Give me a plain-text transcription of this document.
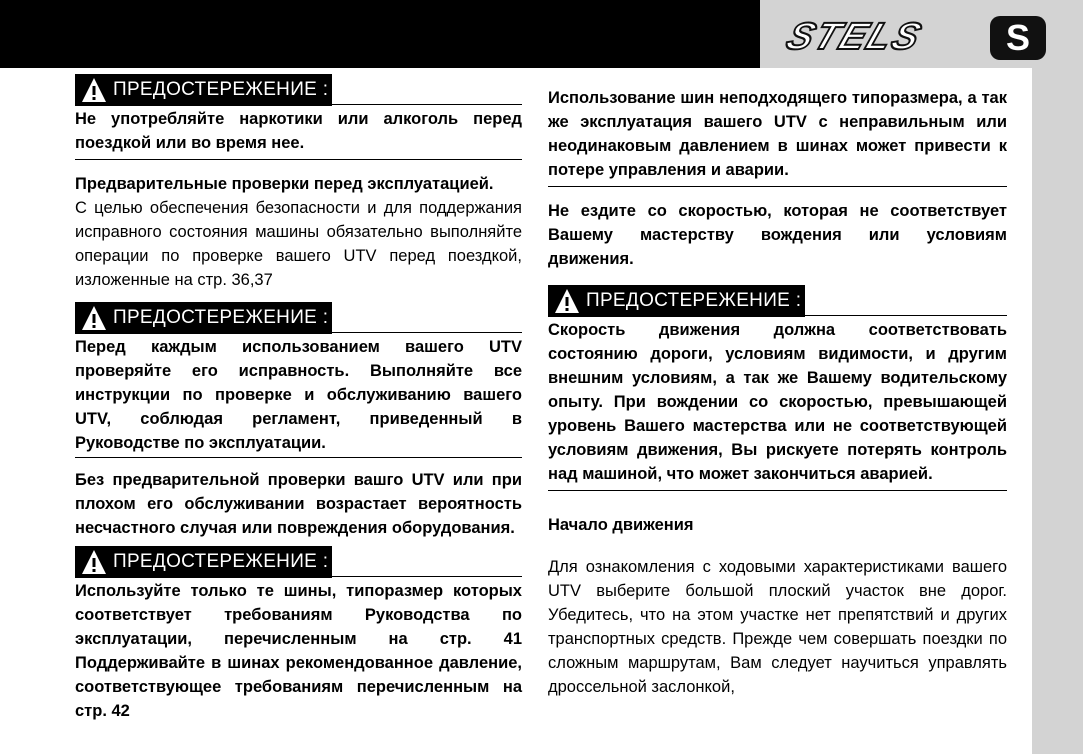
STELS	S
ПРЕДОСТЕРЕЖЕНИЕ :

Не употребляйте наркотики или алкоголь перед поездкой или во время нее.

Предварительные проверки перед эксплуатацией.

С целью обеспечения безопасности и для поддержания исправного состояния машины обязательно выполняйте операции по проверке вашего UTV перед поездкой, изложенные на стр. 36,37

ПРЕДОСТЕРЕЖЕНИЕ :

Перед каждым использованием вашего UTV проверяйте его исправность. Выполняйте все инструкции по проверке и обслуживанию вашего UTV, соблюдая регламент, приведенный в Руководстве по эксплуатации.

Без предварительной проверки вашго UTV или при плохом его обслуживании возрастает вероятность несчастного случая или повреждения оборудования.

ПРЕДОСТЕРЕЖЕНИЕ :

Используйте только те шины, типоразмер которых соответствует требованиям Руководства по эксплуатации, перечисленным на стр. 41 Поддерживайте в шинах рекомендованное давление, соответствующее требованиям перечисленным на стр. 42

Использование шин неподходящего типоразмера, а так же эксплуатация вашего UTV с неправильным или неодинаковым давлением в шинах может привести к потере управления и аварии.

Не ездите со скоростью, которая не соответствует Вашему мастерству вождения или условиям движения.

ПРЕДОСТЕРЕЖЕНИЕ :

Скорость движения должна соответствовать состоянию дороги, условиям видимости, и другим внешним условиям, а так же Вашему водительскому опыту. При вождении со скоростью, превышающей уровень Вашего мастерства или не соответствующей условиям движения, Вы рискуете потерять контроль над машиной, что может закончиться аварией.

Начало движения

Для ознакомления с ходовыми характеристиками вашего UTV выберите большой плоский участок вне дорог. Убедитесь, что на этом участке нет препятствий и других транспортных средств. Прежде чем совершать поездки по сложным маршрутам, Вам следует научиться управлять дроссельной заслонкой,
